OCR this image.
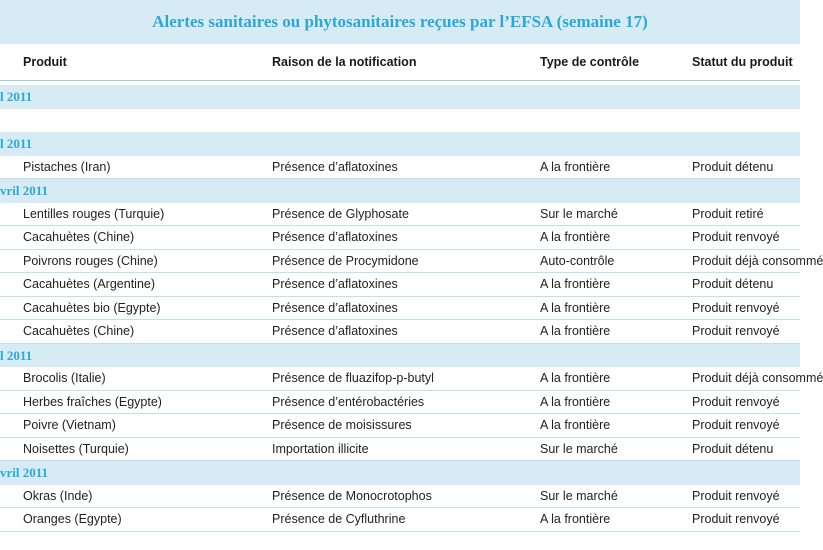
Alertes sanitaires ou phytosanitaires reçues par l’EFSA (semaine 17)
Produit	Raison de la notification	Type de contrôle	Statut du produit
l 2011
l 2011
Pistaches (Iran)	Présence d’aflatoxines	A la frontière	Produit détenu
vril 2011
Lentilles rouges (Turquie)	Présence de Glyphosate	Sur le marché	Produit retiré
Cacahuètes (Chine)	Présence d’aflatoxines	A la frontière	Produit renvoyé
Poivrons rouges (Chine)	Présence de Procymidone	Auto-contrôle	Produit déjà consommé
Cacahuètes (Argentine)	Présence d’aflatoxines	A la frontière	Produit détenu
Cacahuètes bio (Egypte)	Présence d’aflatoxines	A la frontière	Produit renvoyé
Cacahuètes (Chine)	Présence d’aflatoxines	A la frontière	Produit renvoyé
l 2011
Brocolis (Italie)	Présence de fluazifop-p-butyl	A la frontière	Produit déjà consommé
Herbes fraîches (Egypte)	Présence d’entérobactéries	A la frontière	Produit renvoyé
Poivre (Vietnam)	Présence de moisissures	A la frontière	Produit renvoyé
Noisettes (Turquie)	Importation illicite	Sur le marché	Produit détenu
vril 2011
Okras (Inde)	Présence de Monocrotophos	Sur le marché	Produit renvoyé
Oranges (Egypte)	Présence de Cyfluthrine	A la frontière	Produit renvoyé
